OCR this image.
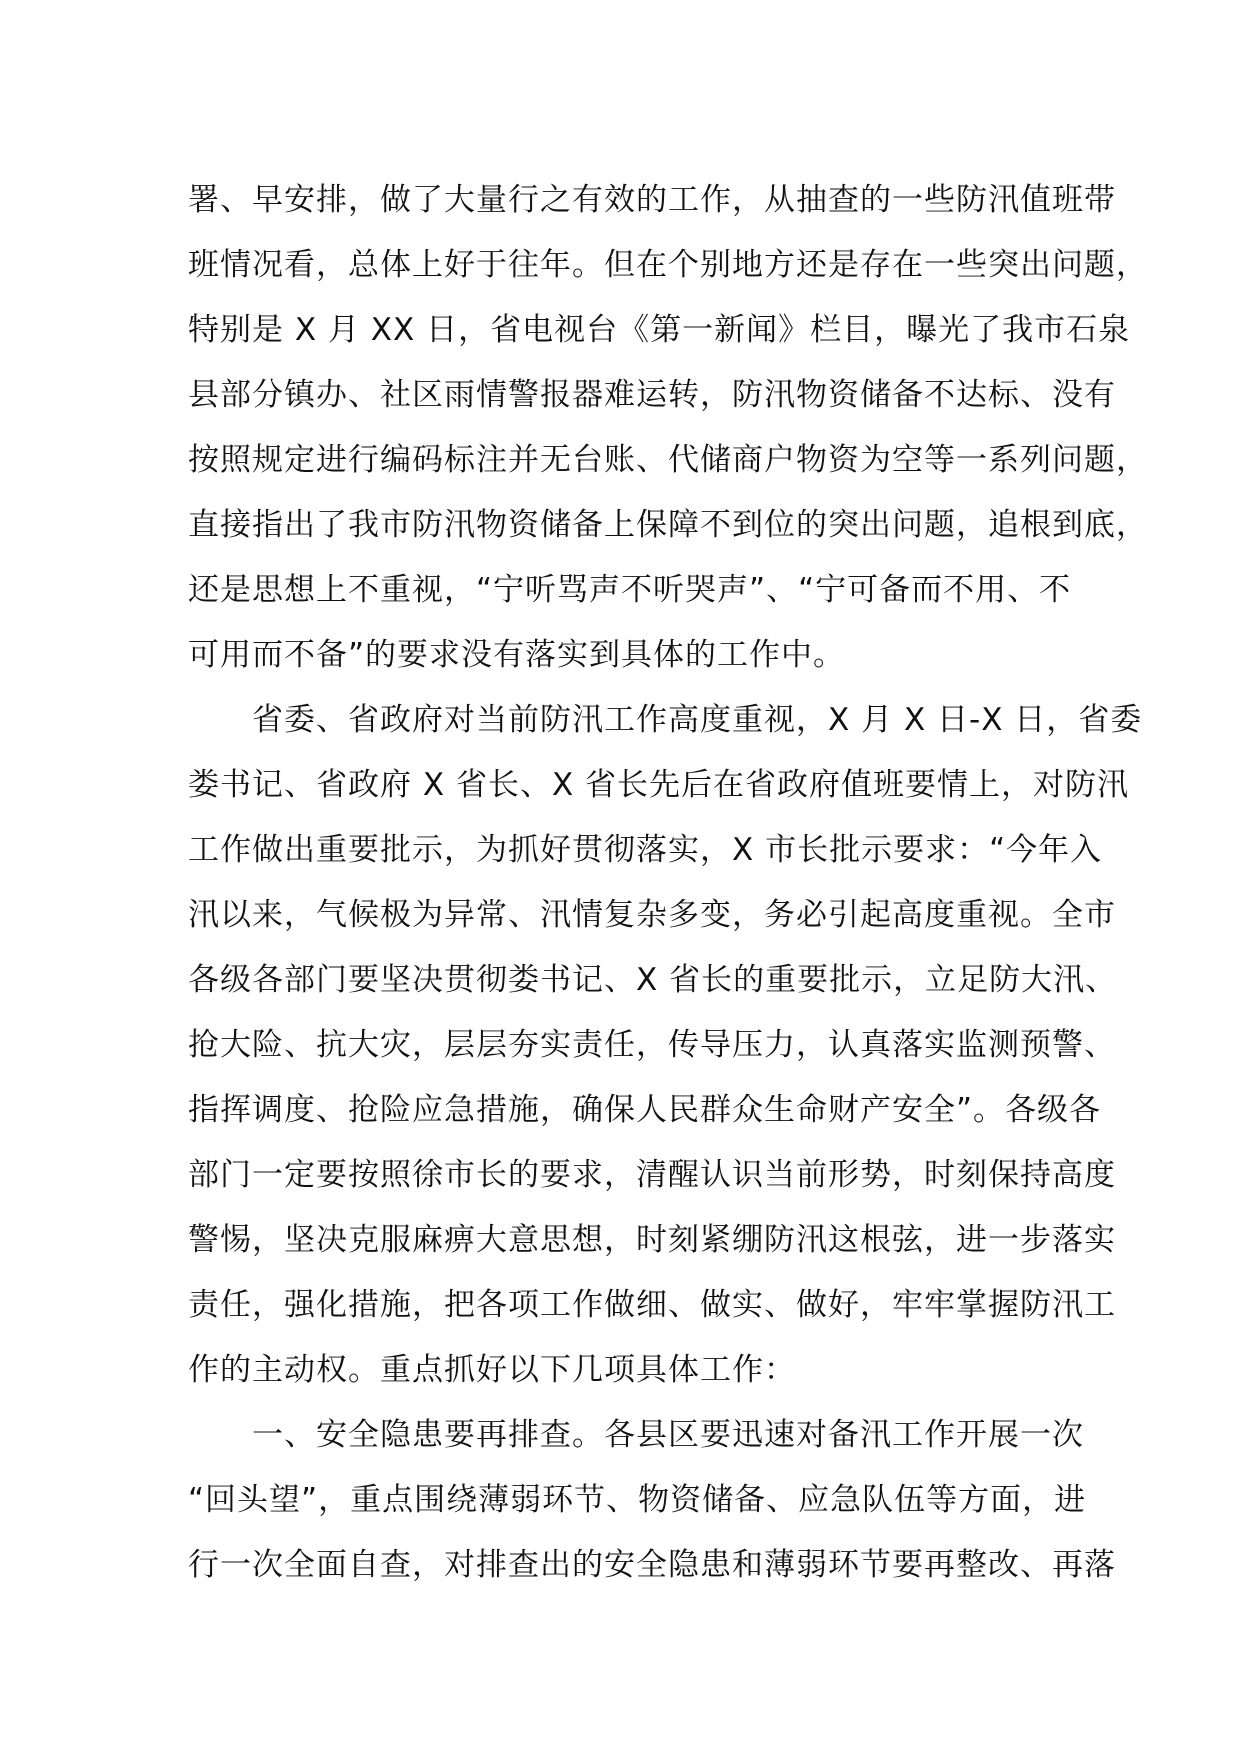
署、早安排，做了大量行之有效的工作，从抽查的一些防汛值班带
班情况看，总体上好于往年。但在个别地方还是存在一些突出问题，
特别是 X 月 XX 日，省电视台《第一新闻》栏目，曝光了我市石泉
县部分镇办、社区雨情警报器难运转，防汛物资储备不达标、没有
按照规定进行编码标注并无台账、代储商户物资为空等一系列问题，
直接指出了我市防汛物资储备上保障不到位的突出问题，追根到底，
还是思想上不重视，“宁听骂声不听哭声”、“宁可备而不用、不
可用而不备”的要求没有落实到具体的工作中。
　　省委、省政府对当前防汛工作高度重视，X 月 X 日-X 日，省委
娄书记、省政府 X 省长、X 省长先后在省政府值班要情上，对防汛
工作做出重要批示，为抓好贯彻落实，X 市长批示要求：“今年入
汛以来，气候极为异常、汛情复杂多变，务必引起高度重视。全市
各级各部门要坚决贯彻娄书记、X 省长的重要批示，立足防大汛、
抢大险、抗大灾，层层夯实责任，传导压力，认真落实监测预警、
指挥调度、抢险应急措施，确保人民群众生命财产安全”。各级各
部门一定要按照徐市长的要求，清醒认识当前形势，时刻保持高度
警惕，坚决克服麻痹大意思想，时刻紧绷防汛这根弦，进一步落实
责任，强化措施，把各项工作做细、做实、做好，牢牢掌握防汛工
作的主动权。重点抓好以下几项具体工作：
　　一、安全隐患要再排查。各县区要迅速对备汛工作开展一次
“回头望”，重点围绕薄弱环节、物资储备、应急队伍等方面，进
行一次全面自查，对排查出的安全隐患和薄弱环节要再整改、再落
